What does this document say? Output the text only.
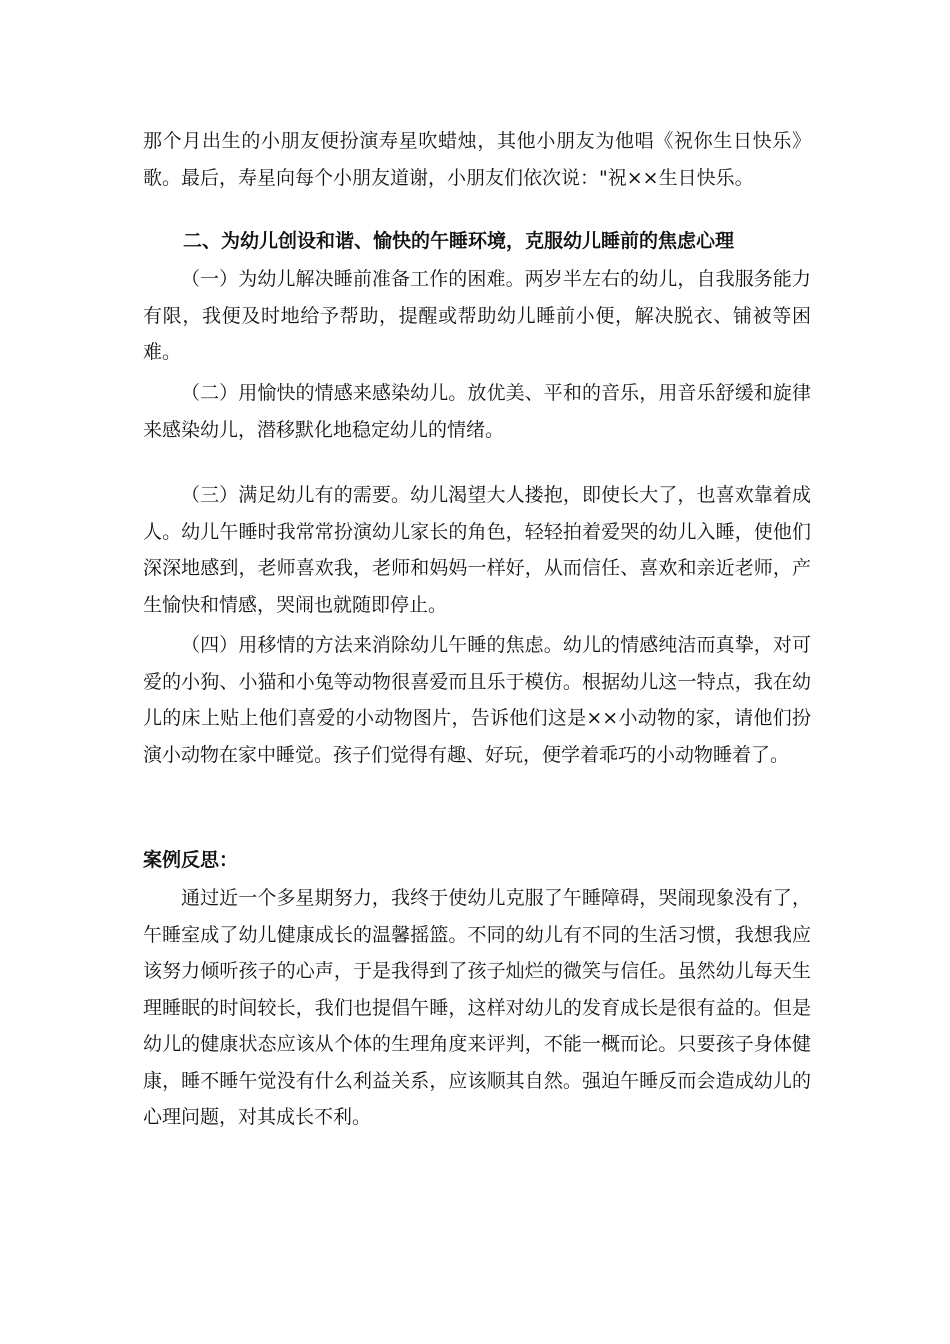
那个月出生的小朋友便扮演寿星吹蜡烛，其他小朋友为他唱《祝你生日快乐》歌。最后，寿星向每个小朋友道谢，小朋友们依次说："祝××生日快乐。

二、为幼儿创设和谐、愉快的午睡环境，克服幼儿睡前的焦虑心理

（一）为幼儿解决睡前准备工作的困难。两岁半左右的幼儿，自我服务能力有限，我便及时地给予帮助，提醒或帮助幼儿睡前小便，解决脱衣、铺被等困难。

（二）用愉快的情感来感染幼儿。放优美、平和的音乐，用音乐舒缓和旋律来感染幼儿，潜移默化地稳定幼儿的情绪。

（三）满足幼儿有的需要。幼儿渴望大人搂抱，即使长大了，也喜欢靠着成人。幼儿午睡时我常常扮演幼儿家长的角色，轻轻拍着爱哭的幼儿入睡，使他们深深地感到，老师喜欢我，老师和妈妈一样好，从而信任、喜欢和亲近老师，产生愉快和情感，哭闹也就随即停止。

（四）用移情的方法来消除幼儿午睡的焦虑。幼儿的情感纯洁而真挚，对可爱的小狗、小猫和小兔等动物很喜爱而且乐于模仿。根据幼儿这一特点，我在幼儿的床上贴上他们喜爱的小动物图片，告诉他们这是××小动物的家，请他们扮演小动物在家中睡觉。孩子们觉得有趣、好玩，便学着乖巧的小动物睡着了。

案例反思：

通过近一个多星期努力，我终于使幼儿克服了午睡障碍，哭闹现象没有了，午睡室成了幼儿健康成长的温馨摇篮。不同的幼儿有不同的生活习惯，我想我应该努力倾听孩子的心声，于是我得到了孩子灿烂的微笑与信任。虽然幼儿每天生理睡眠的时间较长，我们也提倡午睡，这样对幼儿的发育成长是很有益的。但是幼儿的健康状态应该从个体的生理角度来评判，不能一概而论。只要孩子身体健康，睡不睡午觉没有什么利益关系，应该顺其自然。强迫午睡反而会造成幼儿的心理问题，对其成长不利。
